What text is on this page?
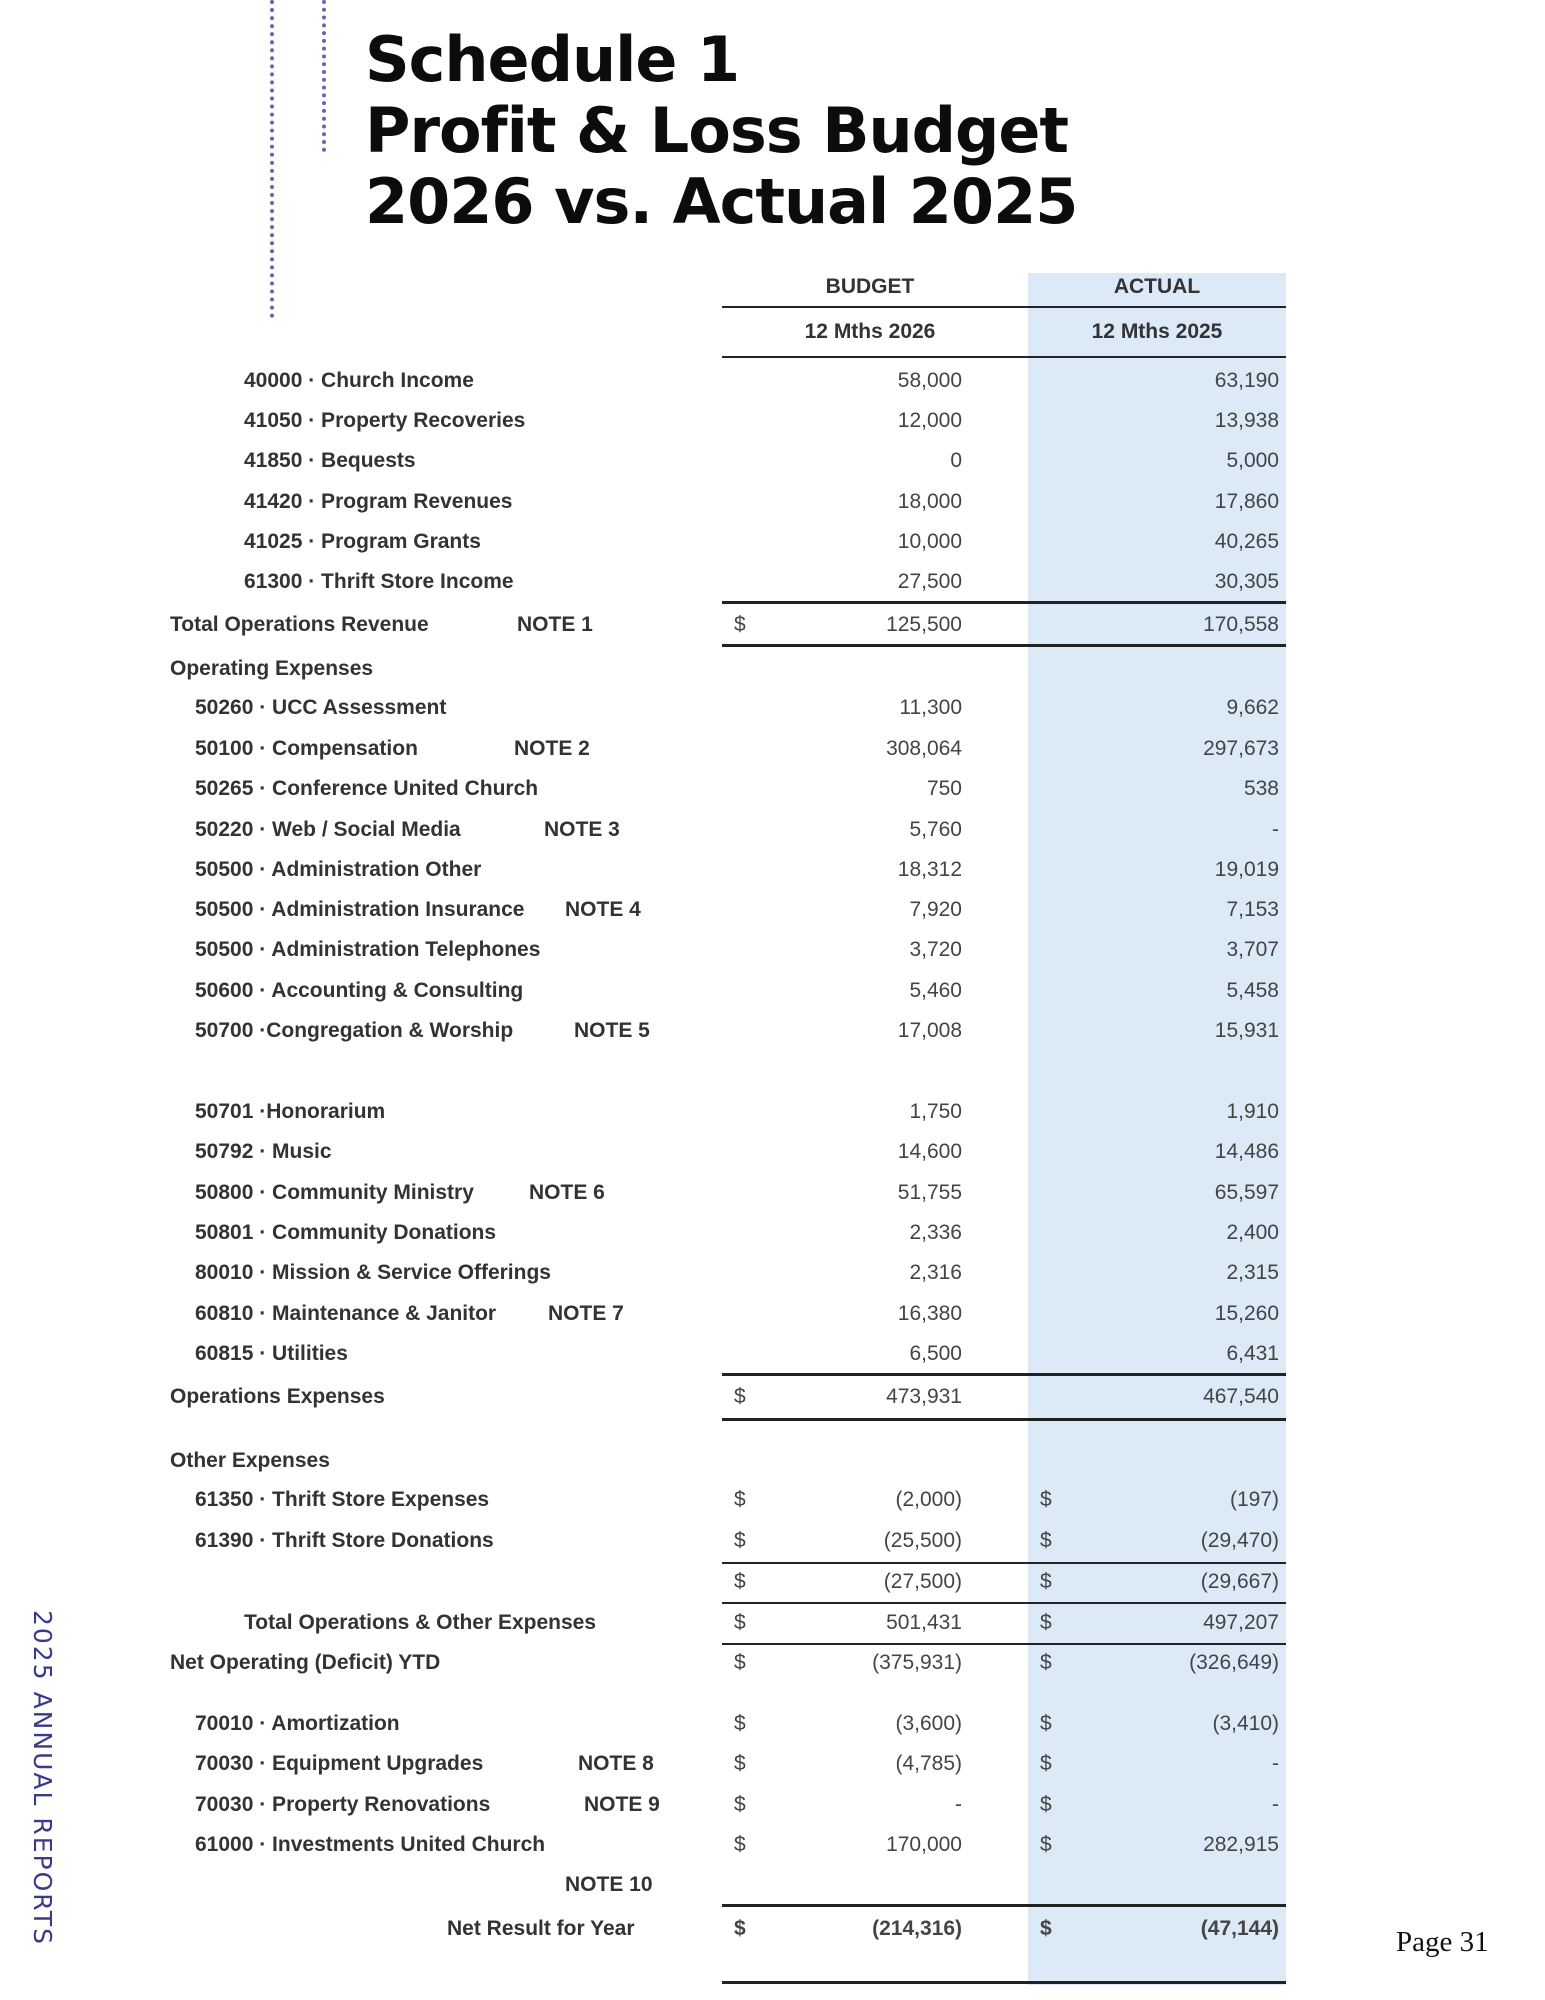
Schedule 1
Profit & Loss Budget
2026 vs. Actual 2025
BUDGET	ACTUAL
12 Mths 2026	12 Mths 2025
40000 · Church Income	58,000	63,190
41050 · Property Recoveries	12,000	13,938
41850 · Bequests	0	5,000
41420 · Program Revenues	18,000	17,860
41025 · Program Grants	10,000	40,265
61300 · Thrift Store Income	27,500	30,305
Total Operations Revenue	NOTE 1	$	125,500	170,558
Operating Expenses
50260 · UCC Assessment	11,300	9,662
50100 · Compensation	NOTE 2	308,064	297,673
50265 · Conference United Church	750	538
50220 · Web / Social Media	NOTE 3	5,760	-
50500 · Administration Other	18,312	19,019
50500 · Administration Insurance NOTE 4	7,920	7,153
50500 · Administration Telephones	3,720	3,707
50600 · Accounting & Consulting	5,460	5,458
50700 ·Congregation & Worship	NOTE 5	17,008	15,931
50701 ·Honorarium	1,750	1,910
50792 · Music	14,600	14,486
50800 · Community Ministry	NOTE 6	51,755	65,597
50801 · Community Donations	2,336	2,400
80010 · Mission & Service Offerings	2,316	2,315
60810 · Maintenance & Janitor NOTE 7	16,380	15,260
60815 · Utilities	6,500	6,431
Operations Expenses	$	473,931	467,540
Other Expenses
61350 · Thrift Store Expenses	$	(2,000)	$	(197)
61390 · Thrift Store Donations	$	(25,500)	$	(29,470)
$	(27,500)	$	(29,667)
Total Operations & Other Expenses	$	501,431	$	497,207
Net Operating (Deficit) YTD	$	(375,931)	$	(326,649)
70010 · Amortization	$	(3,600)	$	(3,410)
70030 · Equipment Upgrades	NOTE 8	$	(4,785)	$	-
70030 · Property Renovations	NOTE 9	$	-	$	-
61000 · Investments United Church	$	170,000	$	282,915
NOTE 10
Net Result for Year	$	(214,316)	$	(47,144)
2025 ANNUAL REPORTS	Page 31
